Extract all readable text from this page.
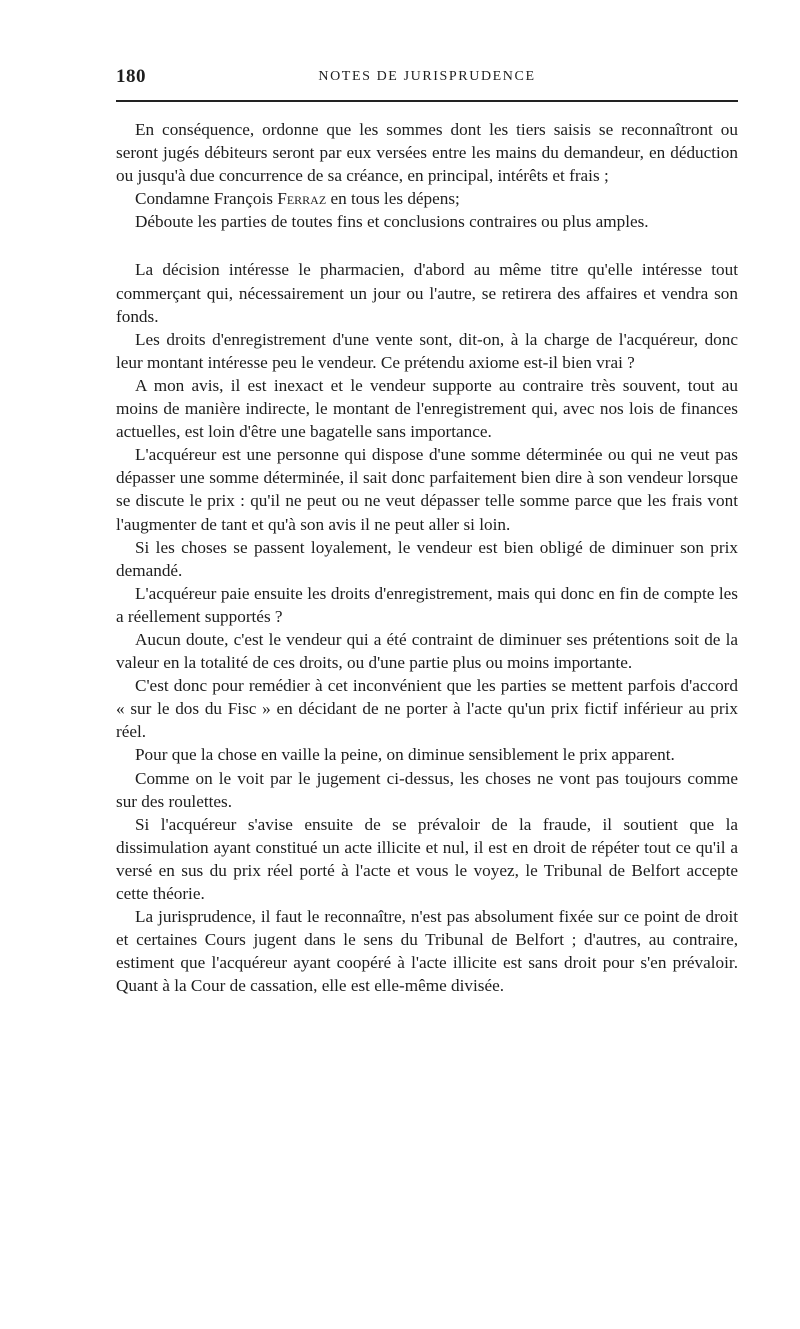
180	NOTES DE JURISPRUDENCE

En conséquence, ordonne que les sommes dont les tiers saisis se reconnaîtront ou seront jugés débiteurs seront par eux versées entre les mains du demandeur, en déduction ou jusqu'à due concurrence de sa créance, en principal, intérêts et frais ;

Condamne François Ferraz en tous les dépens;

Déboute les parties de toutes fins et conclusions contraires ou plus amples.

La décision intéresse le pharmacien, d'abord au même titre qu'elle intéresse tout commerçant qui, nécessairement un jour ou l'autre, se retirera des affaires et vendra son fonds.

Les droits d'enregistrement d'une vente sont, dit-on, à la charge de l'acquéreur, donc leur montant intéresse peu le vendeur. Ce prétendu axiome est-il bien vrai ?

A mon avis, il est inexact et le vendeur supporte au contraire très souvent, tout au moins de manière indirecte, le montant de l'enregistrement qui, avec nos lois de finances actuelles, est loin d'être une bagatelle sans importance.

L'acquéreur est une personne qui dispose d'une somme déterminée ou qui ne veut pas dépasser une somme déterminée, il sait donc parfaitement bien dire à son vendeur lorsque se discute le prix : qu'il ne peut ou ne veut dépasser telle somme parce que les frais vont l'augmenter de tant et qu'à son avis il ne peut aller si loin.

Si les choses se passent loyalement, le vendeur est bien obligé de diminuer son prix demandé.

L'acquéreur paie ensuite les droits d'enregistrement, mais qui donc en fin de compte les a réellement supportés ?

Aucun doute, c'est le vendeur qui a été contraint de diminuer ses prétentions soit de la valeur en la totalité de ces droits, ou d'une partie plus ou moins importante.

C'est donc pour remédier à cet inconvénient que les parties se mettent parfois d'accord « sur le dos du Fisc » en décidant de ne porter à l'acte qu'un prix fictif inférieur au prix réel.

Pour que la chose en vaille la peine, on diminue sensiblement le prix apparent.

Comme on le voit par le jugement ci-dessus, les choses ne vont pas toujours comme sur des roulettes.

Si l'acquéreur s'avise ensuite de se prévaloir de la fraude, il soutient que la dissimulation ayant constitué un acte illicite et nul, il est en droit de répéter tout ce qu'il a versé en sus du prix réel porté à l'acte et vous le voyez, le Tribunal de Belfort accepte cette théorie.

La jurisprudence, il faut le reconnaître, n'est pas absolument fixée sur ce point de droit et certaines Cours jugent dans le sens du Tribunal de Belfort ; d'autres, au contraire, estiment que l'acquéreur ayant coopéré à l'acte illicite est sans droit pour s'en prévaloir. Quant à la Cour de cassation, elle est elle-même divisée.
